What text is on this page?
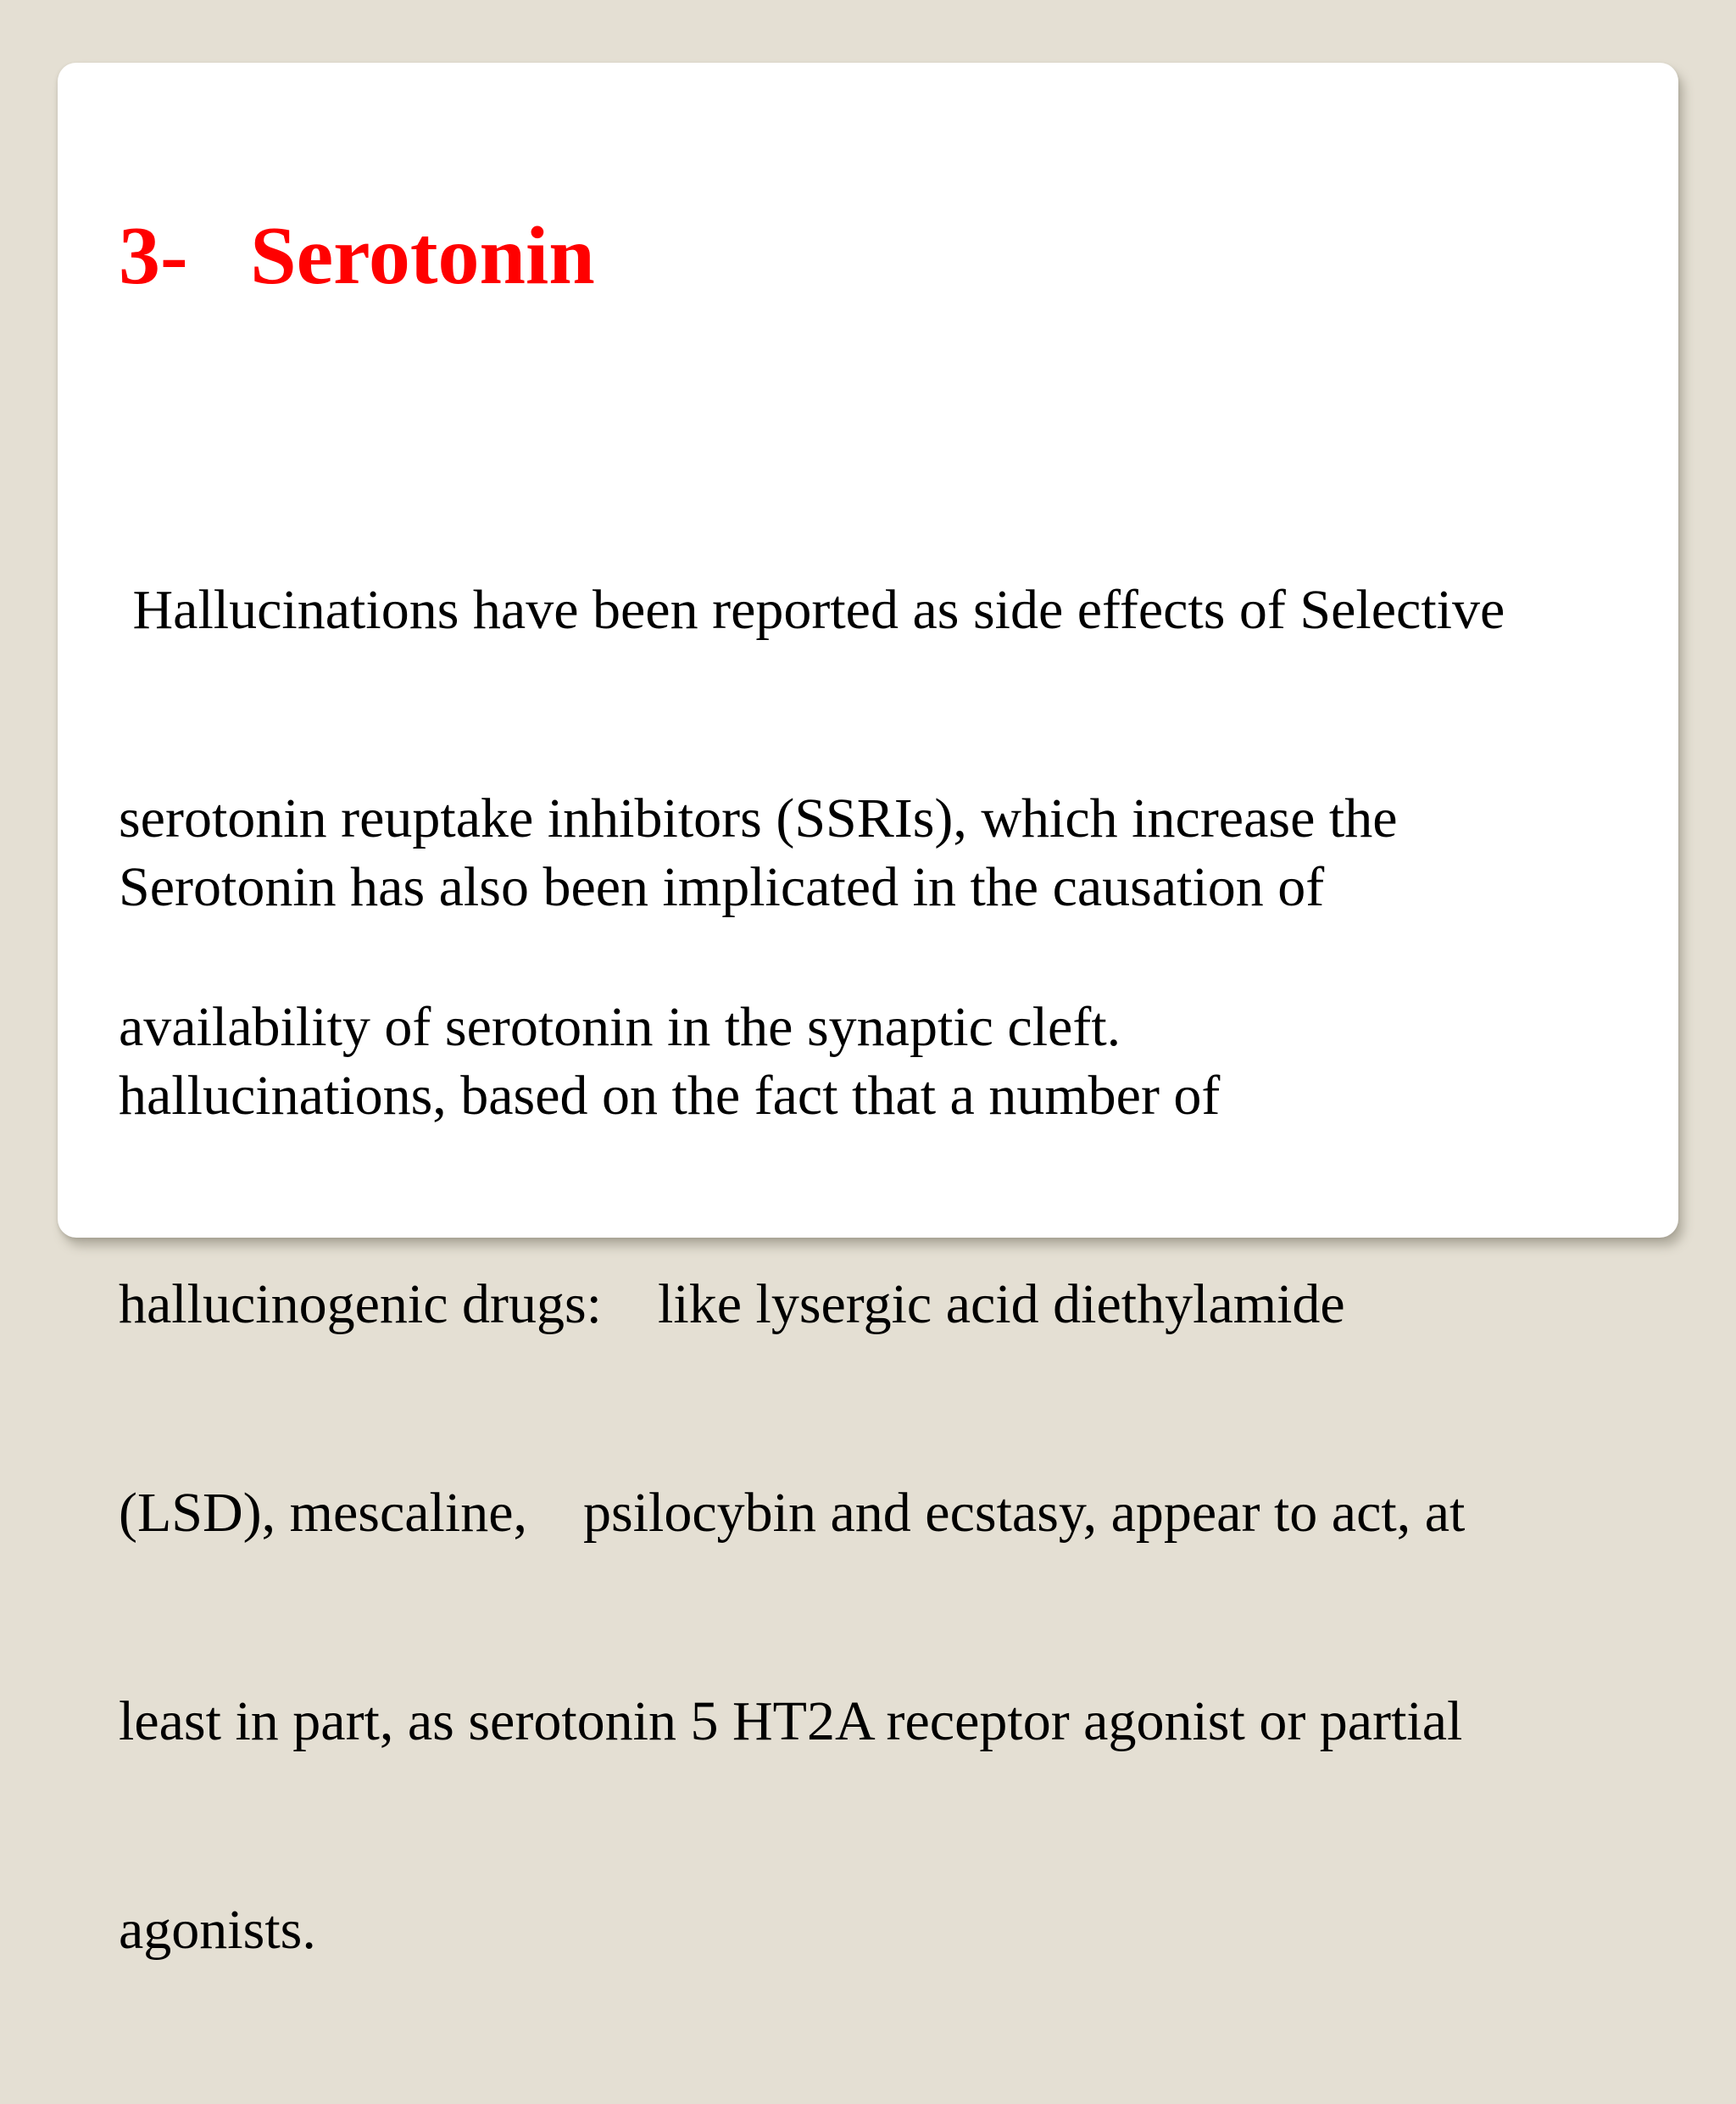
3-   Serotonin

Hallucinations have been reported as side effects of Selective

serotonin reuptake inhibitors (SSRIs), which increase the

availability of serotonin in the synaptic cleft.

Serotonin has also been implicated in the causation of

hallucinations, based on the fact that a number of

hallucinogenic drugs:    like lysergic acid diethylamide

(LSD), mescaline,    psilocybin and ecstasy, appear to act, at

least in part, as serotonin 5 HT2A receptor agonist or partial

agonists.
